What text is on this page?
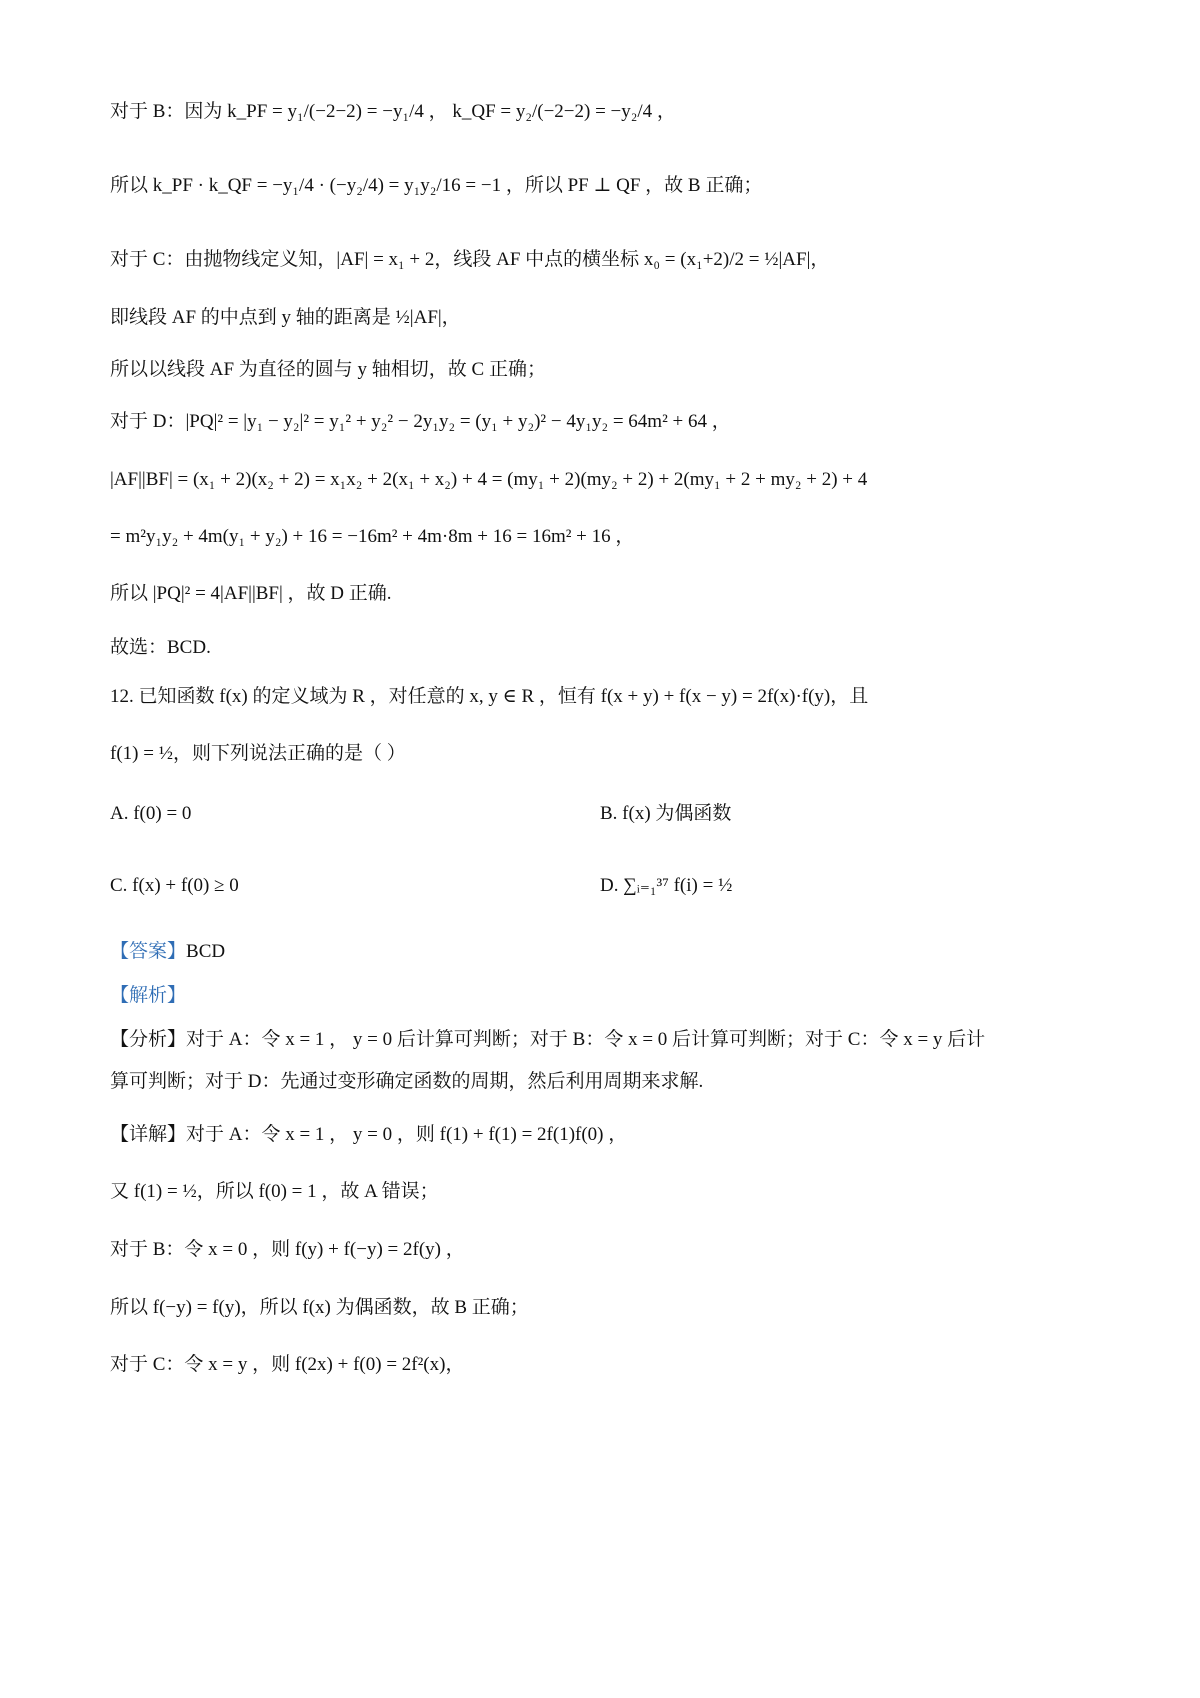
对于 B：因为 k_PF = y₁/(−2−2) = −y₁/4 ， k_QF = y₂/(−2−2) = −y₂/4 ，
所以 k_PF · k_QF = −y₁/4 · (−y₂/4) = y₁y₂/16 = −1 ，所以 PF ⊥ QF ，故 B 正确；
对于 C：由抛物线定义知，|AF| = x₁ + 2，线段 AF 中点的横坐标 x₀ = (x₁+2)/2 = ½|AF|，
即线段 AF 的中点到 y 轴的距离是 ½|AF|，
所以以线段 AF 为直径的圆与 y 轴相切，故 C 正确；
对于 D：|PQ|² = |y₁ − y₂|² = y₁² + y₂² − 2y₁y₂ = (y₁ + y₂)² − 4y₁y₂ = 64m² + 64 ，
|AF||BF| = (x₁ + 2)(x₂ + 2) = x₁x₂ + 2(x₁ + x₂) + 4 = (my₁ + 2)(my₂ + 2) + 2(my₁ + 2 + my₂ + 2) + 4
= m²y₁y₂ + 4m(y₁ + y₂) + 16 = −16m² + 4m·8m + 16 = 16m² + 16 ，
所以 |PQ|² = 4|AF||BF| ，故 D 正确.
故选：BCD.
12. 已知函数 f(x) 的定义域为 R ，对任意的 x, y ∈ R ，恒有 f(x + y) + f(x − y) = 2f(x)·f(y)，且
f(1) = ½，则下列说法正确的是（ ）
A. f(0) = 0	B. f(x) 为偶函数
C. f(x) + f(0) ≥ 0	D. ∑ᵢ₌₁³⁷ f(i) = ½
【答案】BCD
【解析】
【分析】对于 A：令 x = 1 ， y = 0 后计算可判断；对于 B：令 x = 0 后计算可判断；对于 C：令 x = y 后计
算可判断；对于 D：先通过变形确定函数的周期，然后利用周期来求解.
【详解】对于 A：令 x = 1 ， y = 0 ，则 f(1) + f(1) = 2f(1)f(0) ，
又 f(1) = ½，所以 f(0) = 1 ，故 A 错误；
对于 B：令 x = 0 ，则 f(y) + f(−y) = 2f(y) ，
所以 f(−y) = f(y)，所以 f(x) 为偶函数，故 B 正确；
对于 C：令 x = y ，则 f(2x) + f(0) = 2f²(x)，
